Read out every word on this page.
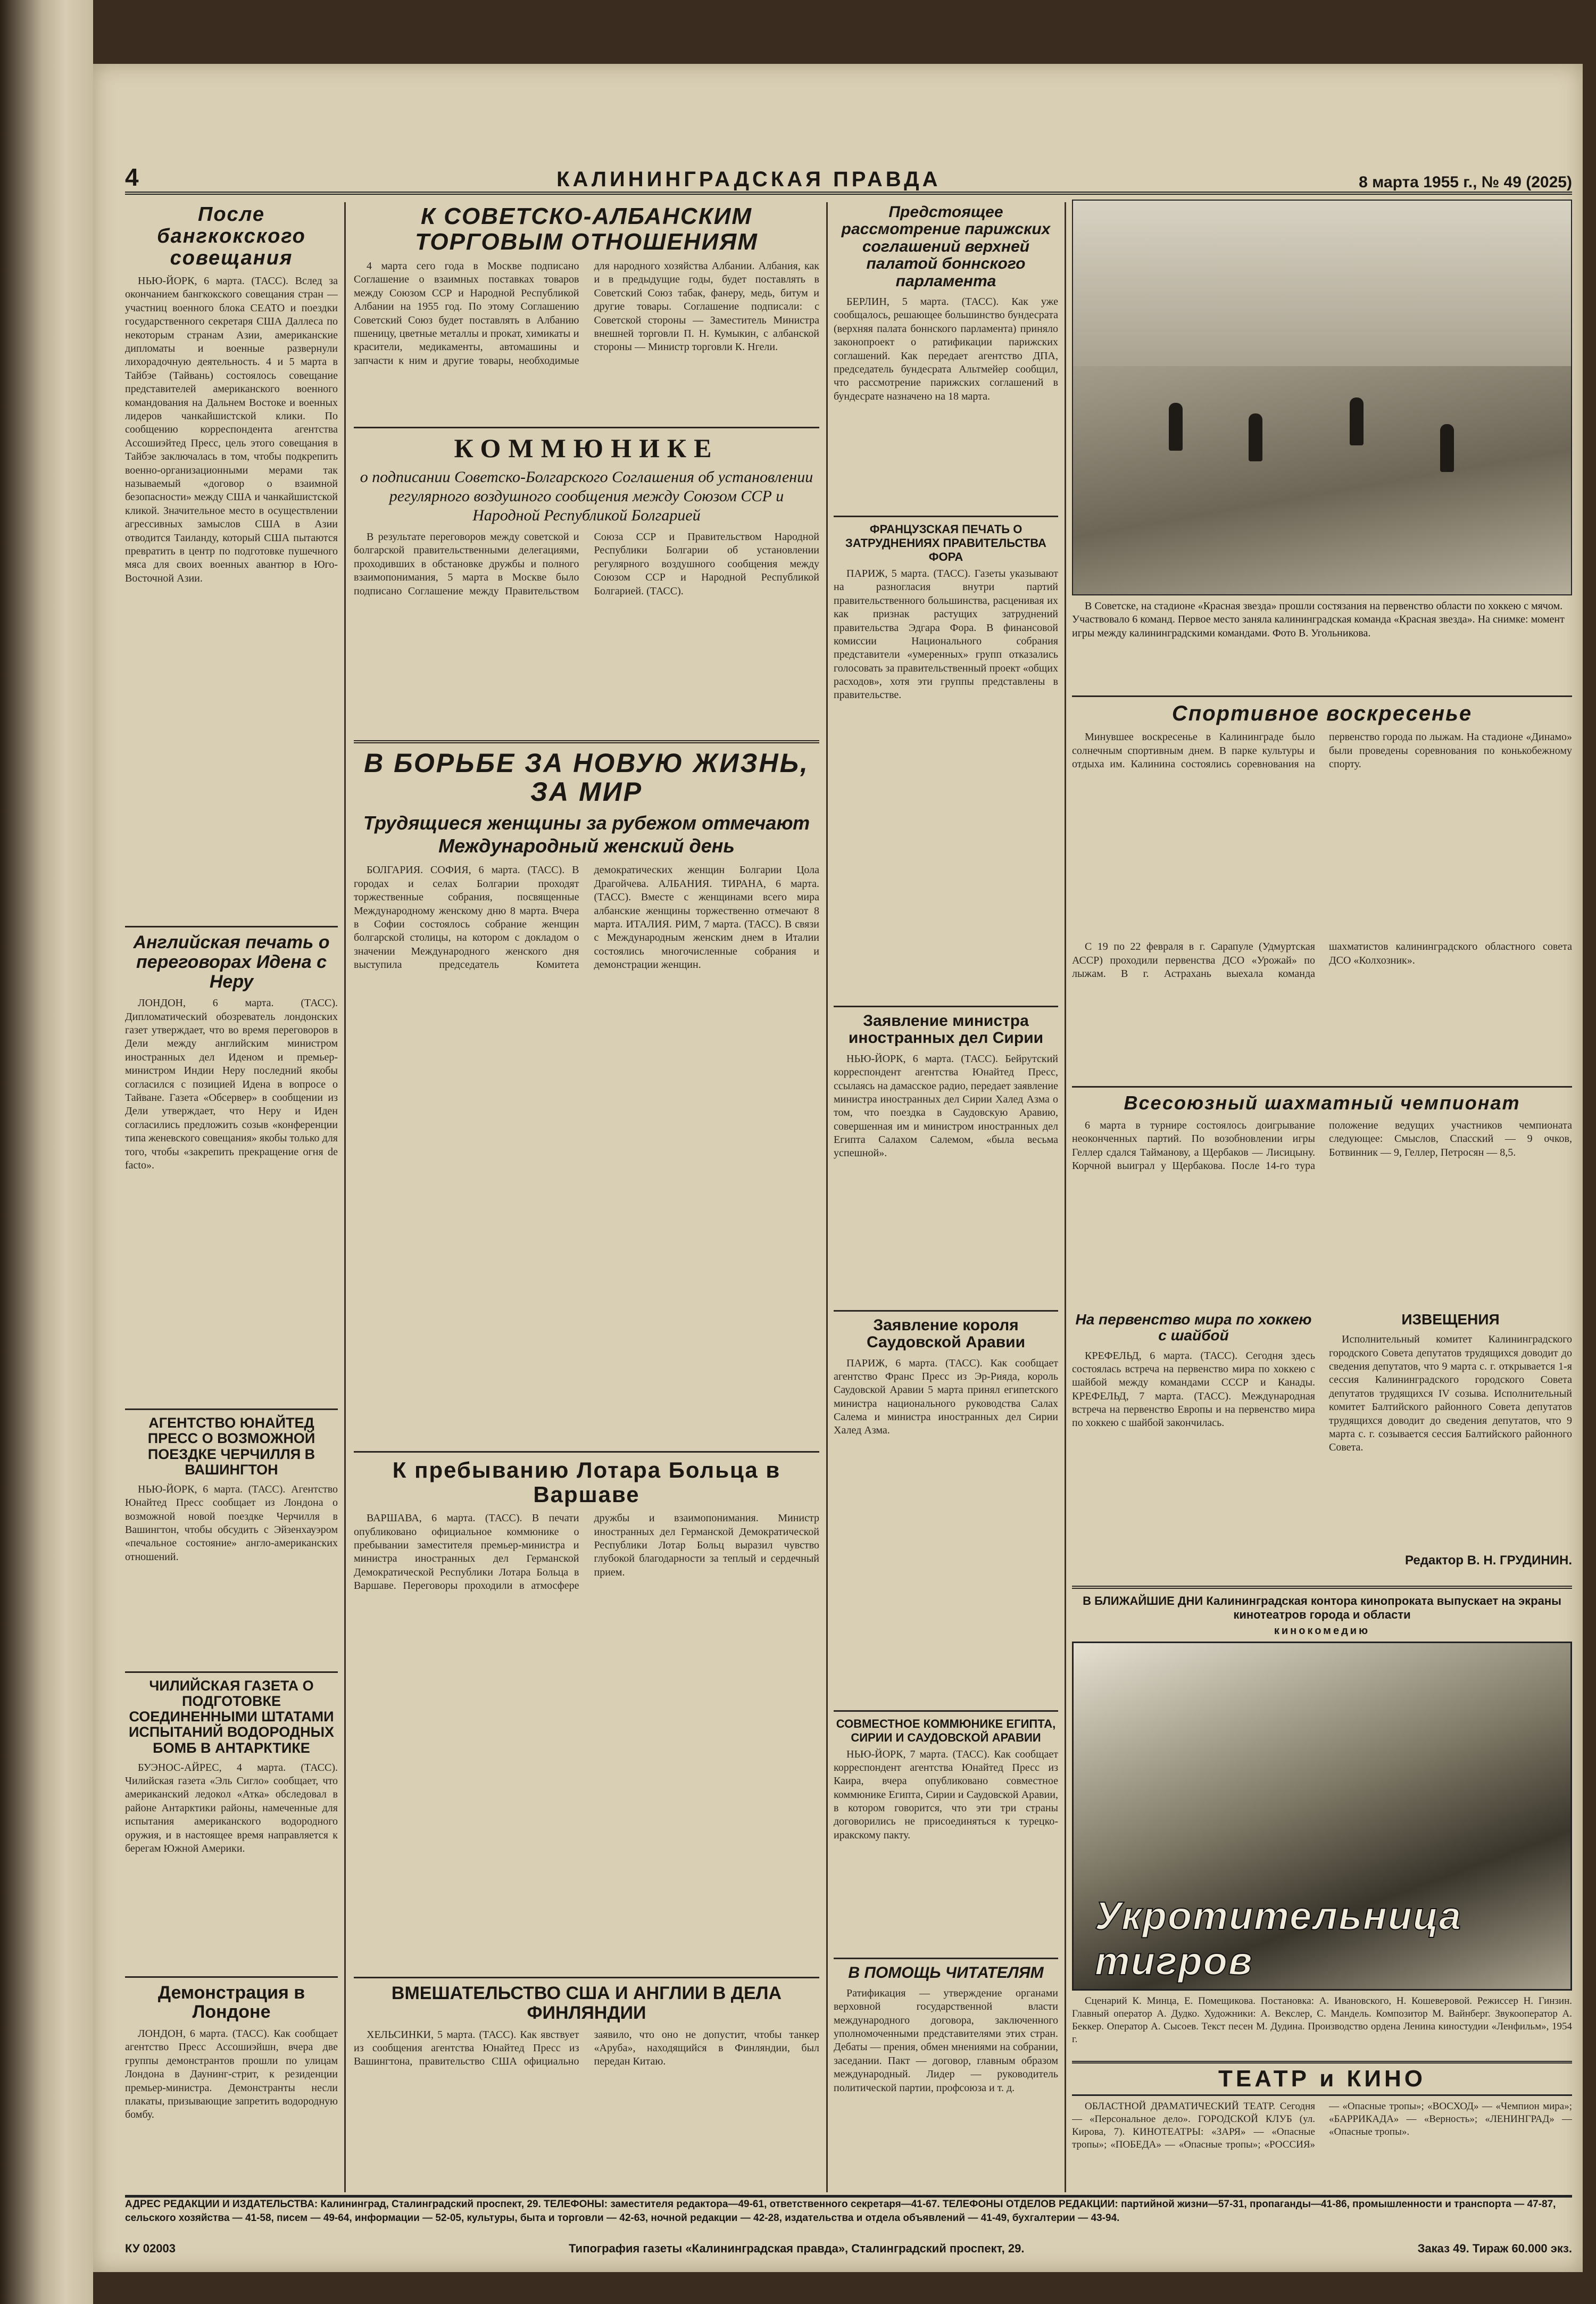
4	КАЛИНИНГРАДСКАЯ ПРАВДА	8 марта 1955 г., № 49 (2025)
После бангкокского совещания

НЬЮ-ЙОРК, 6 марта. (ТАСС). Вслед за окончанием бангкокского совещания стран — участниц военного блока СЕАТО и поездки государственного секретаря США Даллеса по некоторым странам Азии, американские дипломаты и военные развернули лихорадочную деятельность. 4 и 5 марта в Тайбэе (Тайвань) состоялось совещание представителей американского военного командования на Дальнем Востоке и военных лидеров чанкайшистской клики. По сообщению корреспондента агентства Ассошиэйтед Пресс, цель этого совещания в Тайбэе заключалась в том, чтобы подкрепить военно-организационными мерами так называемый «договор о взаимной безопасности» между США и чанкайшистской кликой. Значительное место в осуществлении агрессивных замыслов США в Азии отводится Таиланду, который США пытаются превратить в центр по подготовке пушечного мяса для своих военных авантюр в Юго-Восточной Азии.

Английская печать о переговорах Идена с Неру

ЛОНДОН, 6 марта. (ТАСС). Дипломатический обозреватель лондонских газет утверждает, что во время переговоров в Дели между английским министром иностранных дел Иденом и премьер-министром Индии Неру последний якобы согласился с позицией Идена в вопросе о Тайване. Газета «Обсервер» в сообщении из Дели утверждает, что Неру и Иден согласились предложить созыв «конференции типа женевского совещания» якобы только для того, чтобы «закрепить прекращение огня de facto».

АГЕНТСТВО ЮНАЙТЕД ПРЕСС О ВОЗМОЖНОЙ ПОЕЗДКЕ ЧЕРЧИЛЛЯ В ВАШИНГТОН

НЬЮ-ЙОРК, 6 марта. (ТАСС). Агентство Юнайтед Пресс сообщает из Лондона о возможной новой поездке Черчилля в Вашингтон, чтобы обсудить с Эйзенхауэром «печальное состояние» англо-американских отношений.

ЧИЛИЙСКАЯ ГАЗЕТА О ПОДГОТОВКЕ СОЕДИНЕННЫМИ ШТАТАМИ ИСПЫТАНИЙ ВОДОРОДНЫХ БОМБ В АНТАРКТИКЕ

БУЭНОС-АЙРЕС, 4 марта. (ТАСС). Чилийская газета «Эль Сигло» сообщает, что американский ледокол «Атка» обследовал в районе Антарктики районы, намеченные для испытания американского водородного оружия, и в настоящее время направляется к берегам Южной Америки.

Демонстрация в Лондоне

ЛОНДОН, 6 марта. (ТАСС). Как сообщает агентство Пресс Ассошиэйшн, вчера две группы демонстрантов прошли по улицам Лондона в Даунинг-стрит, к резиденции премьер-министра. Демонстранты несли плакаты, призывающие запретить водородную бомбу.

К СОВЕТСКО-АЛБАНСКИМ ТОРГОВЫМ ОТНОШЕНИЯМ

4 марта сего года в Москве подписано Соглашение о взаимных поставках товаров между Союзом ССР и Народной Республикой Албании на 1955 год. По этому Соглашению Советский Союз будет поставлять в Албанию пшеницу, цветные металлы и прокат, химикаты и красители, медикаменты, автомашины и запчасти к ним и другие товары, необходимые для народного хозяйства Албании. Албания, как и в предыдущие годы, будет поставлять в Советский Союз табак, фанеру, медь, битум и другие товары. Соглашение подписали: с Советской стороны — Заместитель Министра внешней торговли П. Н. Кумыкин, с албанской стороны — Министр торговли К. Нгели.

КОММЮНИКЕ
о подписании Советско-Болгарского Соглашения об установлении регулярного воздушного сообщения между Союзом ССР и Народной Республикой Болгарией

В результате переговоров между советской и болгарской правительственными делегациями, проходивших в обстановке дружбы и полного взаимопонимания, 5 марта в Москве было подписано Соглашение между Правительством Союза ССР и Правительством Народной Республики Болгарии об установлении регулярного воздушного сообщения между Союзом ССР и Народной Республикой Болгарией. (ТАСС).

В БОРЬБЕ ЗА НОВУЮ ЖИЗНЬ, ЗА МИР
Трудящиеся женщины за рубежом отмечают Международный женский день

БОЛГАРИЯ. СОФИЯ, 6 марта. (ТАСС). В городах и селах Болгарии проходят торжественные собрания, посвященные Международному женскому дню 8 марта. Вчера в Софии состоялось собрание женщин болгарской столицы, на котором с докладом о значении Международного женского дня выступила председатель Комитета демократических женщин Болгарии Цола Драгойчева. АЛБАНИЯ. ТИРАНА, 6 марта. (ТАСС). Вместе с женщинами всего мира албанские женщины торжественно отмечают 8 марта. ИТАЛИЯ. РИМ, 7 марта. (ТАСС). В связи с Международным женским днем в Италии состоялись многочисленные собрания и демонстрации женщин.

К пребыванию Лотара Больца в Варшаве

ВАРШАВА, 6 марта. (ТАСС). В печати опубликовано официальное коммюнике о пребывании заместителя премьер-министра и министра иностранных дел Германской Демократической Республики Лотара Больца в Варшаве. Переговоры проходили в атмосфере дружбы и взаимопонимания. Министр иностранных дел Германской Демократической Республики Лотар Больц выразил чувство глубокой благодарности за теплый и сердечный прием.

ВМЕШАТЕЛЬСТВО США И АНГЛИИ В ДЕЛА ФИНЛЯНДИИ

ХЕЛЬСИНКИ, 5 марта. (ТАСС). Как явствует из сообщения агентства Юнайтед Пресс из Вашингтона, правительство США официально заявило, что оно не допустит, чтобы танкер «Аруба», находящийся в Финляндии, был передан Китаю.

Предстоящее рассмотрение парижских соглашений верхней палатой боннского парламента

БЕРЛИН, 5 марта. (ТАСС). Как уже сообщалось, решающее большинство бундесрата (верхняя палата боннского парламента) приняло законопроект о ратификации парижских соглашений. Как передает агентство ДПА, председатель бундесрата Альтмейер сообщил, что рассмотрение парижских соглашений в бундесрате назначено на 18 марта.

ФРАНЦУЗСКАЯ ПЕЧАТЬ О ЗАТРУДНЕНИЯХ ПРАВИТЕЛЬСТВА ФОРА

ПАРИЖ, 5 марта. (ТАСС). Газеты указывают на разногласия внутри партий правительственного большинства, расценивая их как признак растущих затруднений правительства Эдгара Фора. В финансовой комиссии Национального собрания представители «умеренных» групп отказались голосовать за правительственный проект «общих расходов», хотя эти группы представлены в правительстве.

Заявление министра иностранных дел Сирии

НЬЮ-ЙОРК, 6 марта. (ТАСС). Бейрутский корреспондент агентства Юнайтед Пресс, ссылаясь на дамасское радио, передает заявление министра иностранных дел Сирии Халед Азма о том, что поездка в Саудовскую Аравию, совершенная им и министром иностранных дел Египта Салахом Салемом, «была весьма успешной».

Заявление короля Саудовской Аравии

ПАРИЖ, 6 марта. (ТАСС). Как сообщает агентство Франс Пресс из Эр-Рияда, король Саудовской Аравии 5 марта принял египетского министра национального руководства Салах Салема и министра иностранных дел Сирии Халед Азма.

СОВМЕСТНОЕ КОММЮНИКЕ ЕГИПТА, СИРИИ И САУДОВСКОЙ АРАВИИ

НЬЮ-ЙОРК, 7 марта. (ТАСС). Как сообщает корреспондент агентства Юнайтед Пресс из Каира, вчера опубликовано совместное коммюнике Египта, Сирии и Саудовской Аравии, в котором говорится, что эти три страны договорились не присоединяться к турецко-иракскому пакту.

В ПОМОЩЬ ЧИТАТЕЛЯМ

Ратификация — утверждение органами верховной государственной власти международного договора, заключенного уполномоченными представителями этих стран. Дебаты — прения, обмен мнениями на собрании, заседании. Пакт — договор, главным образом международный. Лидер — руководитель политической партии, профсоюза и т. д.

В Советске, на стадионе «Красная звезда» прошли состязания на первенство области по хоккею с мячом. Участвовало 6 команд. Первое место заняла калининградская команда «Красная звезда». На снимке: момент игры между калининградскими командами. Фото В. Угольникова.

Спортивное воскресенье

Минувшее воскресенье в Калининграде было солнечным спортивным днем. В парке культуры и отдыха им. Калинина состоялись соревнования на первенство города по лыжам. На стадионе «Динамо» были проведены соревнования по конькобежному спорту.

С 19 по 22 февраля в г. Сарапуле (Удмуртская АССР) проходили первенства ДСО «Урожай» по лыжам. В г. Астрахань выехала команда шахматистов калининградского областного совета ДСО «Колхозник».

Всесоюзный шахматный чемпионат

6 марта в турнире состоялось доигрывание неоконченных партий. По возобновлении игры Геллер сдался Тайманову, а Щербаков — Лисицыну. Корчной выиграл у Щербакова. После 14-го тура положение ведущих участников чемпионата следующее: Смыслов, Спасский — 9 очков, Ботвинник — 9, Геллер, Петросян — 8,5.

На первенство мира по хоккею с шайбой

КРЕФЕЛЬД, 6 марта. (ТАСС). Сегодня здесь состоялась встреча на первенство мира по хоккею с шайбой между командами СССР и Канады. КРЕФЕЛЬД, 7 марта. (ТАСС). Международная встреча на первенство Европы и на первенство мира по хоккею с шайбой закончилась.

ИЗВЕЩЕНИЯ

Исполнительный комитет Калининградского городского Совета депутатов трудящихся доводит до сведения депутатов, что 9 марта с. г. открывается 1-я сессия Калининградского городского Совета депутатов трудящихся IV созыва. Исполнительный комитет Балтийского районного Совета депутатов трудящихся доводит до сведения депутатов, что 9 марта с. г. созывается сессия Балтийского районного Совета.

Редактор В. Н. ГРУДИНИН.
В БЛИЖАЙШИЕ ДНИ Калининградская контора кинопроката выпускает на экраны кинотеатров города и области
кинокомедию
Укротительница тигров

Сценарий К. Минца, Е. Помещикова. Постановка: А. Ивановского, Н. Кошеверовой. Режиссер Н. Гинзин. Главный оператор А. Дудко. Художники: А. Векслер, С. Мандель. Композитор М. Вайнберг. Звукооператор А. Беккер. Оператор А. Сысоев. Текст песен М. Дудина. Производство ордена Ленина киностудии «Ленфильм», 1954 г.

ТЕАТР и КИНО

ОБЛАСТНОЙ ДРАМАТИЧЕСКИЙ ТЕАТР. Сегодня — «Персональное дело». ГОРОДСКОЙ КЛУБ (ул. Кирова, 7). КИНОТЕАТРЫ: «ЗАРЯ» — «Опасные тропы»; «ПОБЕДА» — «Опасные тропы»; «РОССИЯ» — «Опасные тропы»; «ВОСХОД» — «Чемпион мира»; «БАРРИКАДА» — «Верность»; «ЛЕНИНГРАД» — «Опасные тропы».

АДРЕС РЕДАКЦИИ И ИЗДАТЕЛЬСТВА: Калининград, Сталинградский проспект, 29. ТЕЛЕФОНЫ: заместителя редактора—49-61, ответственного секретаря—41-67. ТЕЛЕФОНЫ ОТДЕЛОВ РЕДАКЦИИ: партийной жизни—57-31, пропаганды—41-86, промышленности и транспорта — 47-87, сельского хозяйства — 41-58, писем — 49-64, информации — 52-05, культуры, быта и торговли — 42-63, ночной редакции — 42-28, издательства и отдела объявлений — 41-49, бухгалтерии — 43-94.
КУ 02003	Типография газеты «Калининградская правда», Сталинградский проспект, 29.	Заказ 49. Тираж 60.000 экз.
